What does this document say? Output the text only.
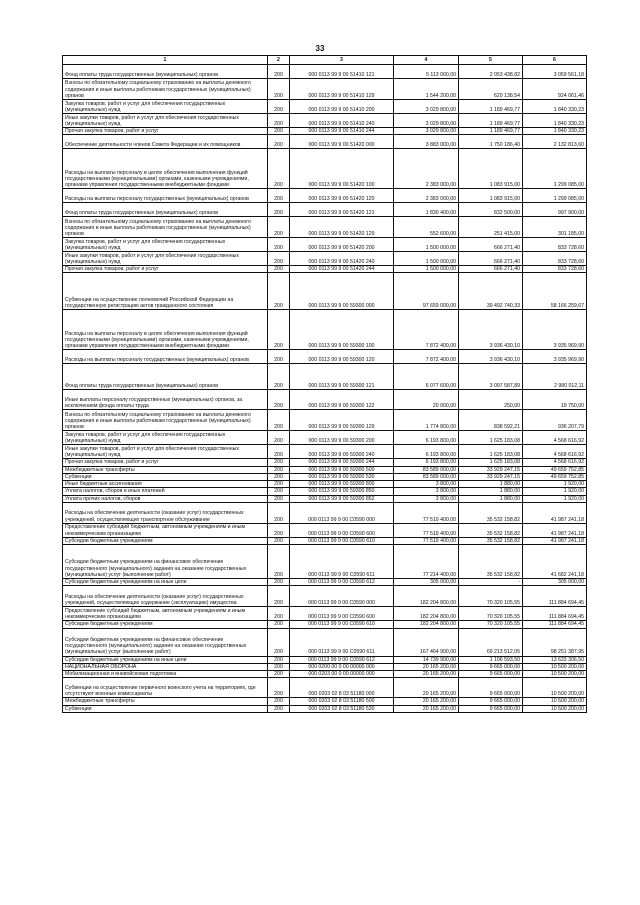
33
1	2	3	4	5	6
Фонд оплаты труда государственных (муниципальных) органов	200	000 0113 99 9 00 51410 121	5 113 000,00	2 053 438,82	3 059 561,18
Взносы по обязательному социальному страхованию на выплаты денежного содержания и иные выплаты работникам государственных (муниципальных) органов	200	000 0113 99 9 00 51410 129	1 544 200,00	620 138,54	924 061,46
Закупка товаров, работ и услуг для обеспечения государственных (муниципальных) нужд	200	000 0113 99 9 00 51410 200	3 029 800,00	1 189 469,77	1 840 330,23
Иные закупки товаров, работ и услуг для обеспечения государственных (муниципальных) нужд	200	000 0113 99 9 00 51410 240	3 029 800,00	1 189 469,77	1 840 330,23
Прочая закупка товаров, работ и услуг	200	000 0113 99 9 00 51410 244	3 029 800,00	1 189 469,77	1 840 330,23
Обеспечение деятельности членов Совета Федерации и их помощников	200	000 0113 99 9 00 51420 000	3 883 000,00	1 750 186,40	2 132 813,60
Расходы на выплаты персоналу в целях обеспечения выполнения функций государственными (муниципальными) органами, казенными учреждениями, органами управления государственными внебюджетными фондами	200	000 0113 99 9 00 51420 100	2 383 000,00	1 083 915,00	1 299 085,00
Расходы на выплаты персоналу государственных (муниципальных) органов	200	000 0113 99 9 00 51420 120	2 383 000,00	1 083 915,00	1 299 085,00
Фонд оплаты труда государственных (муниципальных) органов	200	000 0113 99 9 00 51420 121	1 830 400,00	832 500,00	997 900,00
Взносы по обязательному социальному страхованию на выплаты денежного содержания и иные выплаты работникам государственных (муниципальных) органов	200	000 0113 99 9 00 51420 129	552 600,00	251 415,00	301 185,00
Закупка товаров, работ и услуг для обеспечения государственных (муниципальных) нужд	200	000 0113 99 9 00 51420 200	1 500 000,00	666 271,40	833 728,60
Иные закупки товаров, работ и услуг для обеспечения государственных (муниципальных) нужд	200	000 0113 99 9 00 51420 240	1 500 000,00	666 271,40	833 728,60
Прочая закупка товаров, работ и услуг	200	000 0113 99 9 00 51420 244	1 500 000,00	666 271,40	833 728,60
Субвенции на осуществление полномочий Российской Федерации на государственную регистрацию актов гражданского состояния	200	000 0113 99 9 00 59300 000	97 659 000,00	39 492 740,33	58 166 259,67
Расходы на выплаты персоналу в целях обеспечения выполнения функций государственными (муниципальными) органами, казенными учреждениями, органами управления государственными внебюджетными фондами	200	000 0113 99 9 00 59300 100	7 872 400,00	3 936 430,10	3 935 969,90
Расходы на выплаты персоналу государственных (муниципальных) органов	200	000 0113 99 9 00 59300 120	7 872 400,00	3 936 430,10	3 935 969,90
Фонд оплаты труда государственных (муниципальных) органов	200	000 0113 99 9 00 59300 121	6 077 600,00	3 097 587,89	2 980 012,11
Иные выплаты персоналу государственных (муниципальных) органов, за исключением фонда оплаты труда	200	000 0113 99 9 00 59300 122	20 000,00	250,00	19 750,00
Взносы по обязательному социальному страхованию на выплаты денежного содержания и иные выплаты работникам государственных (муниципальных) органов	200	000 0113 99 9 00 59300 129	1 774 800,00	838 592,21	936 207,79
Закупка товаров, работ и услуг для обеспечения государственных (муниципальных) нужд	200	000 0113 99 9 00 59300 200	6 193 800,00	1 625 183,08	4 568 616,92
Иные закупки товаров, работ и услуг для обеспечения государственных (муниципальных) нужд	200	000 0113 99 9 00 59300 240	6 193 800,00	1 625 183,08	4 568 616,92
Прочая закупка товаров, работ и услуг	200	000 0113 99 9 00 59300 244	6 193 800,00	1 625 183,08	4 568 616,92
Межбюджетные трансферты	200	000 0113 99 9 00 59300 500	83 589 000,00	33 929 247,15	49 659 752,85
Субвенции	200	000 0113 99 9 00 59300 530	83 589 000,00	33 929 247,15	49 659 752,85
Иные бюджетные ассигнования	200	000 0113 99 9 00 59300 800	3 800,00	1 880,00	1 920,00
Уплата налогов, сборов и иных платежей	200	000 0113 99 9 00 59300 850	3 800,00	1 880,00	1 920,00
Уплата прочих налогов, сборов	200	000 0113 99 9 00 59300 852	3 800,00	1 880,00	1 920,00
Расходы на обеспечение деятельности (оказание услуг) государственных учреждений, осуществляющих транспортное обслуживание	200	000 0113 99 9 00 С0590 000	77 519 400,00	35 532 158,82	41 987 241,18
Предоставление субсидий бюджетным, автономным учреждениям и иным некоммерческим организациям	200	000 0113 99 9 00 С0590 600	77 519 400,00	35 532 158,82	41 987 241,18
Субсидии бюджетным учреждениям	200	000 0113 99 9 00 С0590 610	77 519 400,00	35 532 158,82	41 987 241,18
Субсидии бюджетным учреждениям на финансовое обеспечение государственного (муниципального) задания на оказание государственных (муниципальных) услуг (выполнение работ)	200	000 0113 99 9 00 С0590 611	77 214 400,00	35 532 158,82	41 682 241,18
Субсидии бюджетным учреждениям на иные цели	200	000 0113 99 9 00 С0590 612	305 000,00	-	305 000,00
Расходы на обеспечение деятельности (оказание услуг) государственных учреждений, осуществляющих содержание (эксплуатацию) имущества	200	000 0113 99 9 00 С0590 000	182 204 800,00	70 320 105,55	111 884 694,45
Предоставление субсидий бюджетным, автономным учреждениям и иным некоммерческим организациям	200	000 0113 99 9 00 С0590 600	182 204 800,00	70 320 105,55	111 884 694,45
Субсидии бюджетным учреждениям	200	000 0113 99 9 00 С0590 610	182 204 800,00	70 320 105,55	111 884 694,45
Субсидии бюджетным учреждениям на финансовое обеспечение государственного (муниципального) задания на оказание государственных (муниципальных) услуг (выполнение работ)	200	000 0113 99 9 00 С0590 611	167 464 900,00	69 213 512,05	98 251 387,95
Субсидии бюджетным учреждениям на иные цели	200	000 0113 99 9 00 С0590 612	14 739 900,00	1 106 593,50	13 633 306,50
НАЦИОНАЛЬНАЯ ОБОРОНА	200	000 0200 00 0 00 00000 000	20 165 200,00	9 665 000,00	10 500 200,00
Мобилизационная и вневойсковая подготовка	200	000 0203 00 0 00 00000 000	20 165 200,00	9 665 000,00	10 500 200,00
Субвенции на осуществление первичного воинского учета на территориях, где отсутствуют военные комиссариаты	200	000 0203 02 8 03 51180 000	20 165 200,00	9 665 000,00	10 500 200,00
Межбюджетные трансферты	200	000 0203 02 8 03 51180 500	20 165 200,00	9 665 000,00	10 500 200,00
Субвенции	200	000 0203 02 8 03 51180 530	20 165 200,00	9 665 000,00	10 500 200,00
